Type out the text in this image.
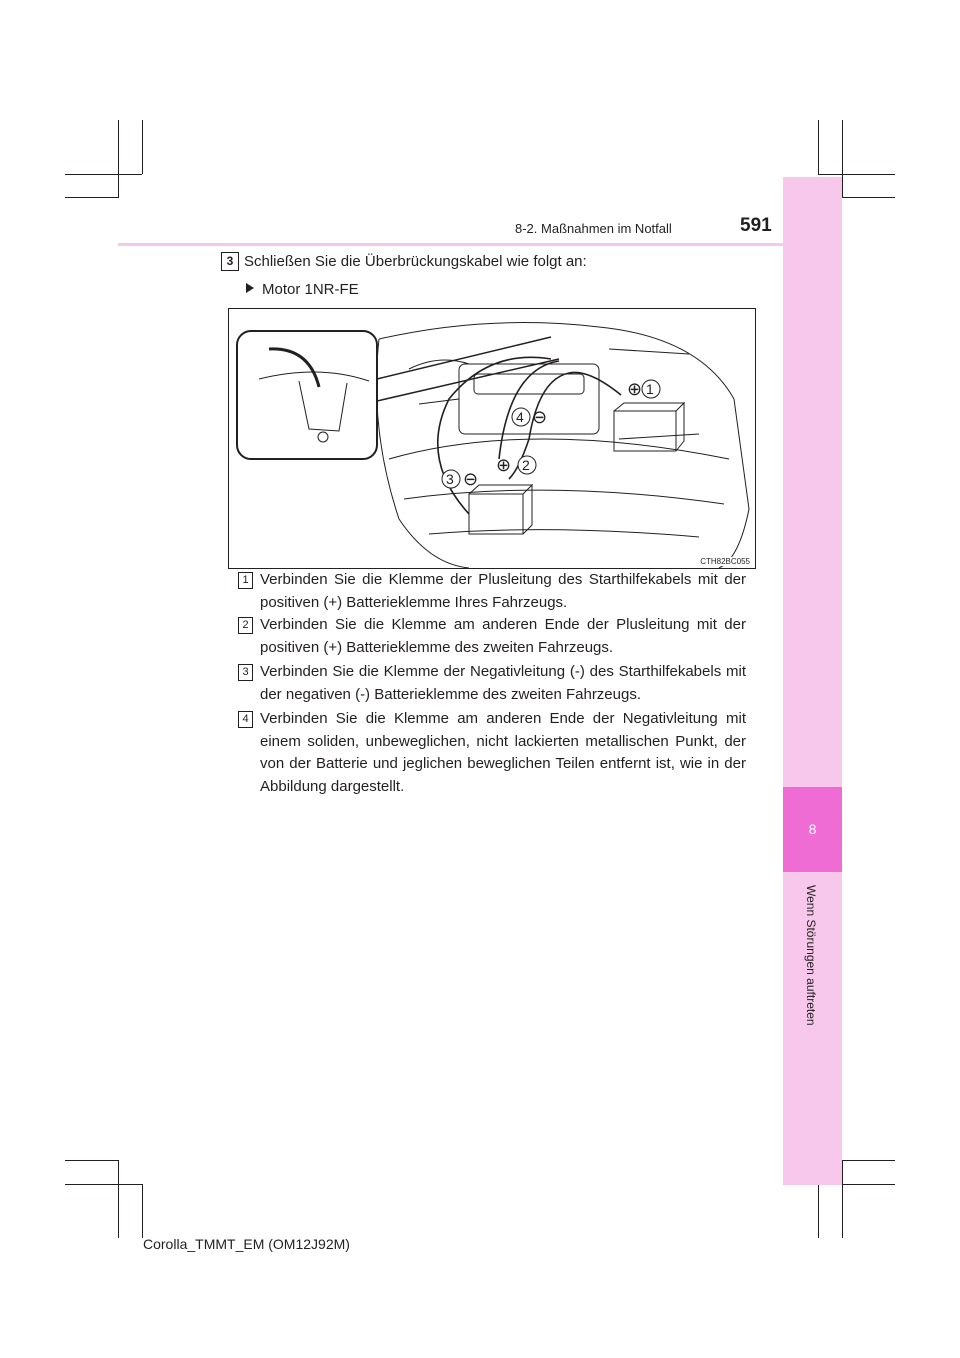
8
Wenn Störungen auftreten
8-2. Maßnahmen im Notfall	591
3 Schließen Sie die Überbrückungskabel wie folgt an:
Motor 1NR-FE
1
⊕
2
⊕
3 ⊖
4 ⊖
CTH82BC055
1 Verbinden Sie die Klemme der Plusleitung des Starthilfekabels mit der positiven (+) Batterieklemme Ihres Fahrzeugs.
2 Verbinden Sie die Klemme am anderen Ende der Plusleitung mit der positiven (+) Batterieklemme des zweiten Fahrzeugs.
3 Verbinden Sie die Klemme der Negativleitung (-) des Starthilfekabels mit der negativen (-) Batterieklemme des zweiten Fahrzeugs.
4 Verbinden Sie die Klemme am anderen Ende der Negativleitung mit einem soliden, unbeweglichen, nicht lackierten metallischen Punkt, der von der Batterie und jeglichen beweglichen Teilen entfernt ist, wie in der Abbildung dargestellt.
Corolla_TMMT_EM (OM12J92M)
